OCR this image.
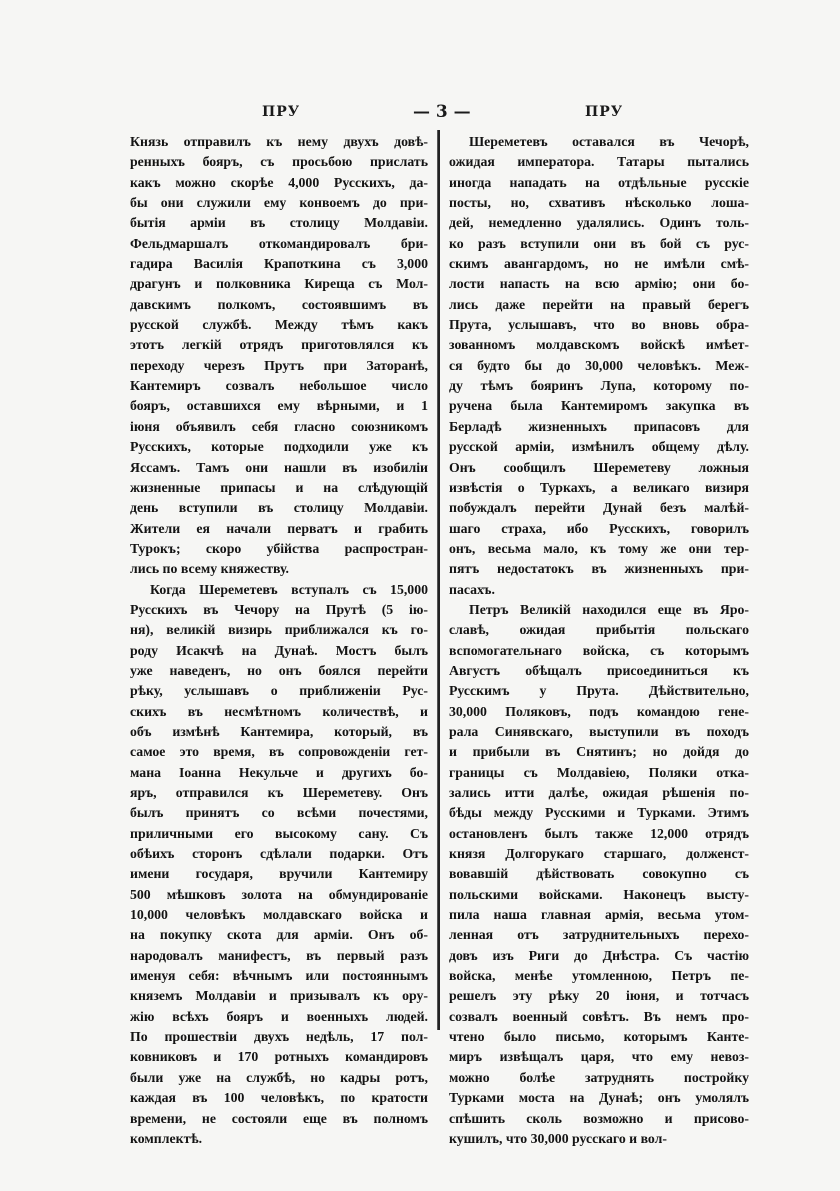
ПРУ	— 3 —	ПРУ
Князь отправилъ къ нему двухъ довѣ-
ренныхъ бояръ, съ просьбою прислать
какъ можно скорѣе 4,000 Русскихъ, да-
бы они служили ему конвоемъ до при-
бытія арміи въ столицу Молдавіи.
Фельдмаршалъ откомандировалъ бри-
гадира Василія Крапоткина съ 3,000
драгунъ и полковника Киреща съ Мол-
давскимъ полкомъ, состоявшимъ въ
русской службѣ. Между тѣмъ какъ
этотъ легкій отрядъ приготовлялся къ
переходу черезъ Прутъ при Заторанѣ,
Кантемиръ созвалъ небольшое число
бояръ, оставшихся ему вѣрными, и 1
іюня объявилъ себя гласно союзникомъ
Русскихъ, которые подходили уже къ
Яссамъ. Тамъ они нашли въ изобиліи
жизненные припасы и на слѣдующій
день вступили въ столицу Молдавіи.
Жители ея начали перватъ и грабить
Турокъ; скоро убійства распростран-
лись по всему княжеству.
Когда Шереметевъ вступалъ съ 15,000
Русскихъ въ Чечору на Прутѣ (5 ію-
ня), великій визирь приближался къ го-
роду Исакчѣ на Дунаѣ. Мостъ былъ
уже наведенъ, но онъ боялся перейти
рѣку, услышавъ о приближеніи Рус-
скихъ въ несмѣтномъ количествѣ, и
объ измѣнѣ Кантемира, который, въ
самое это время, въ сопровожденіи гет-
мана Іоанна Некульче и другихъ бо-
яръ, отправился къ Шереметеву. Онъ
былъ принятъ со всѣми почестями,
приличными его высокому сану. Съ
обѣихъ сторонъ сдѣлали подарки. Отъ
имени государя, вручили Кантемиру
500 мѣшковъ золота на обмундированіе
10,000 человѣкъ молдавскаго войска и
на покупку скота для арміи. Онъ об-
народовалъ манифестъ, въ первый разъ
именуя себя: вѣчнымъ или постояннымъ
княземъ Молдавіи и призывалъ къ ору-
жію всѣхъ бояръ и военныхъ людей.
По прошествіи двухъ недѣль, 17 пол-
ковниковъ и 170 ротныхъ командировъ
были уже на службѣ, но кадры ротъ,
каждая въ 100 человѣкъ, по кратости
времени, не состояли еще въ полномъ
комплектѣ.
Шереметевъ оставался въ Чечорѣ,
ожидая императора. Татары пытались
иногда нападать на отдѣльные русскіе
посты, но, схвативъ нѣсколько лоша-
дей, немедленно удалялись. Одинъ толь-
ко разъ вступили они въ бой съ рус-
скимъ авангардомъ, но не имѣли смѣ-
лости напасть на всю армію; они бо-
лись даже перейти на правый берегъ
Прута, услышавъ, что во вновь обра-
зованномъ молдавскомъ войскѣ имѣет-
ся будто бы до 30,000 человѣкъ. Меж-
ду тѣмъ бояринъ Лупа, которому по-
ручена была Кантемиромъ закупка въ
Берладѣ жизненныхъ припасовъ для
русской арміи, измѣнилъ общему дѣлу.
Онъ сообщилъ Шереметеву ложныя
извѣстія о Туркахъ, а великаго визиря
побуждалъ перейти Дунай безъ малѣй-
шаго страха, ибо Русскихъ, говорилъ
онъ, весьма мало, къ тому же они тер-
пятъ недостатокъ въ жизненныхъ при-
пасахъ.
Петръ Великій находился еще въ Яро-
славѣ, ожидая прибытія польскаго
вспомогательнаго войска, съ которымъ
Августъ обѣщалъ присоединиться къ
Русскимъ у Прута. Дѣйствительно,
30,000 Поляковъ, подъ командою гене-
рала Синявскаго, выступили въ походъ
и прибыли въ Снятинъ; но дойдя до
границы съ Молдавіею, Поляки отка-
зались итти далѣе, ожидая рѣшенія по-
бѣды между Русскими и Турками. Этимъ
остановленъ былъ также 12,000 отрядъ
князя Долгорукаго старшаго, долженст-
вовавшій дѣйствовать совокупно съ
польскими войсками. Наконецъ высту-
пила наша главная армія, весьма утом-
ленная отъ затруднительныхъ перехо-
довъ изъ Риги до Днѣстра. Съ частію
войска, менѣе утомленною, Петръ пе-
решелъ эту рѣку 20 іюня, и тотчасъ
созвалъ военный совѣтъ. Въ немъ про-
чтено было письмо, которымъ Канте-
миръ извѣщалъ царя, что ему невоз-
можно болѣе затруднять постройку
Турками моста на Дунаѣ; онъ умолялъ
спѣшить сколь возможно и присово-
кушилъ, что 30,000 русскаго и вол-
